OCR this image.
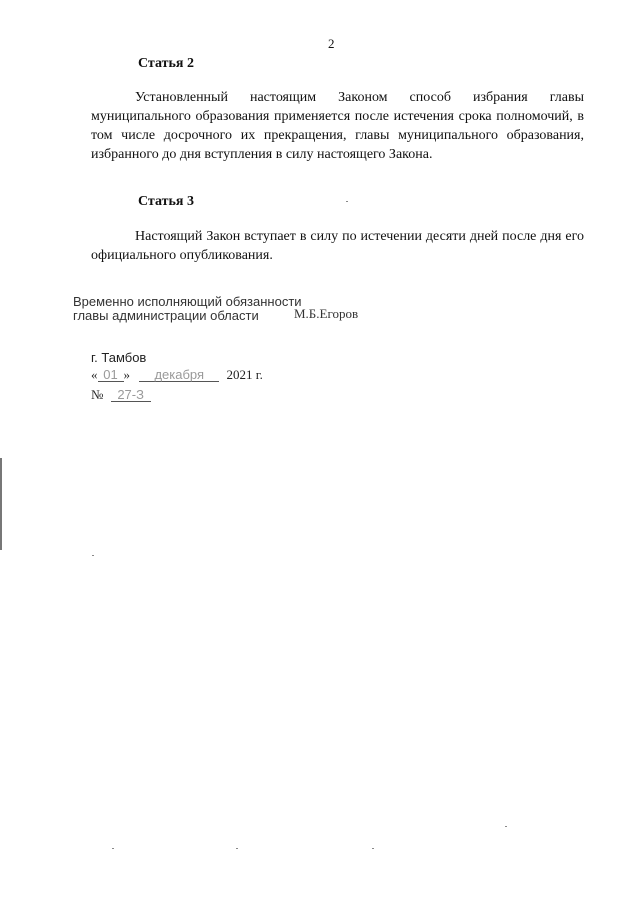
2
Статья 2
Установленный настоящим Законом способ избрания главы муниципального образования применяется после истечения срока полномочий, в том числе досрочного их прекращения, главы муниципального образования, избранного до дня вступления в силу настоящего Закона.
Статья 3
Настоящий Закон вступает в силу по истечении десяти дней после дня его официального опубликования.
Временно исполняющий обязанности
главы администрации области	М.Б.Егоров
г. Тамбов
« 01 » декабря 2021 г.
№ 27-З
